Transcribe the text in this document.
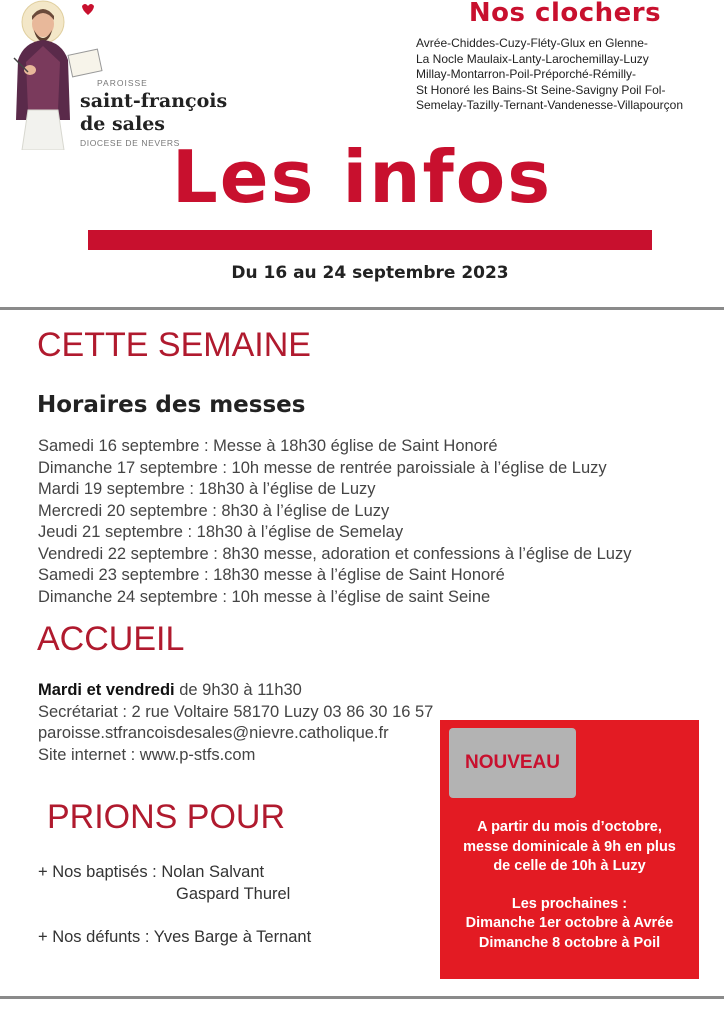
PAROISSE
saint-françois
de sales
DIOCESE DE NEVERS
Nos clochers
Avrée-Chiddes-Cuzy-Fléty-Glux en Glenne-
La Nocle Maulaix-Lanty-Larochemillay-Luzy
Millay-Montarron-Poil-Préporché-Rémilly-
St Honoré les Bains-St Seine-Savigny Poil Fol-
Semelay-Tazilly-Ternant-Vandenesse-Villapourçon
Les infos
Du 16 au 24 septembre 2023
CETTE SEMAINE
Horaires des messes
Samedi 16 septembre : Messe à 18h30 église de Saint Honoré
Dimanche 17 septembre : 10h messe de rentrée paroissiale à l’église de Luzy
Mardi 19 septembre : 18h30 à l’église de Luzy
Mercredi 20 septembre : 8h30 à l’église de Luzy
Jeudi 21 septembre : 18h30 à l’église de Semelay
Vendredi 22 septembre : 8h30 messe, adoration et confessions à l’église de Luzy
Samedi 23 septembre : 18h30 messe à l’église de Saint Honoré
Dimanche 24 septembre : 10h messe à l’église de saint Seine
ACCUEIL
Mardi et vendredi de 9h30 à 11h30
Secrétariat : 2 rue Voltaire 58170 Luzy 03 86 30 16 57
paroisse.stfrancoisdesales@nievre.catholique.fr
Site internet : www.p-stfs.com
PRIONS POUR
+ Nos baptisés : Nolan Salvant
Gaspard Thurel
+ Nos défunts : Yves Barge à Ternant
NOUVEAU
A partir du mois d’octobre,
messe dominicale à 9h en plus
de celle de 10h à Luzy
Les prochaines :
Dimanche 1er octobre à Avrée
Dimanche 8 octobre à Poil
